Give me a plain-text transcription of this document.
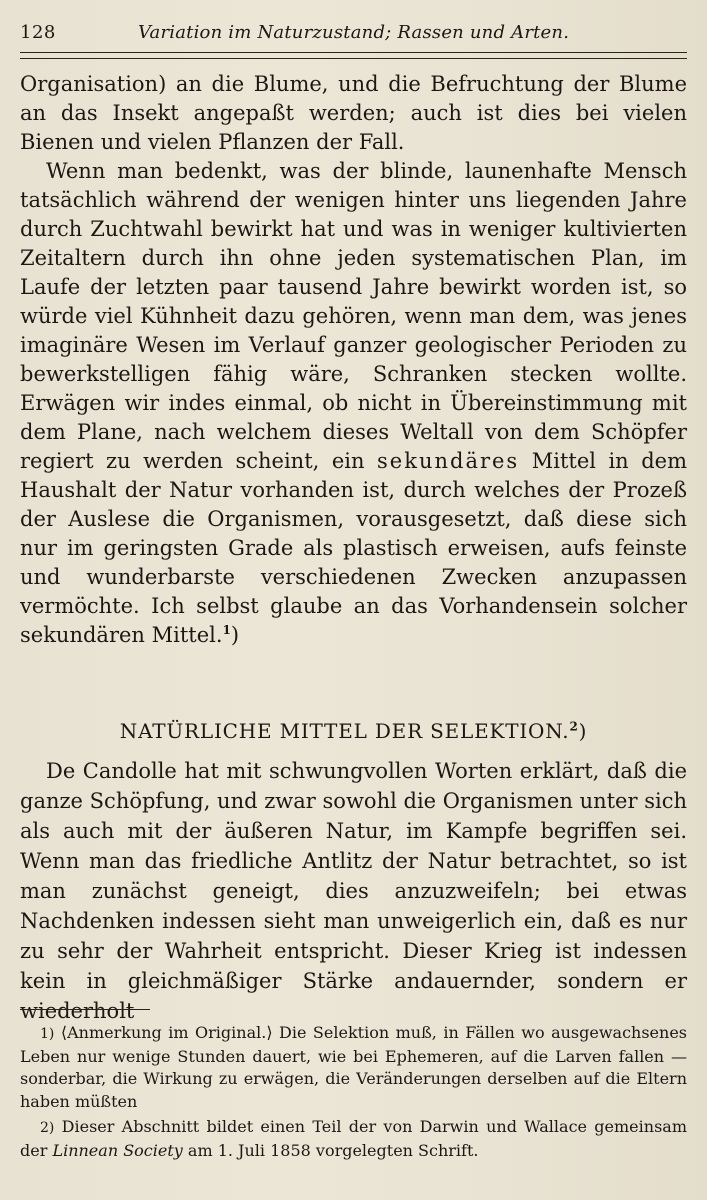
128	Variation im Naturzustand; Rassen und Arten.

Organisation) an die Blume, und die Befruchtung der Blume an das Insekt angepaßt werden; auch ist dies bei vielen Bienen und vielen Pflanzen der Fall.

Wenn man bedenkt, was der blinde, launenhafte Mensch tatsächlich während der wenigen hinter uns liegenden Jahre durch Zuchtwahl bewirkt hat und was in weniger kultivierten Zeitaltern durch ihn ohne jeden systematischen Plan, im Laufe der letzten paar tausend Jahre bewirkt worden ist, so würde viel Kühnheit dazu gehören, wenn man dem, was jenes imaginäre Wesen im Verlauf ganzer geologischer Perioden zu bewerkstelligen fähig wäre, Schranken stecken wollte. Erwägen wir indes einmal, ob nicht in Übereinstimmung mit dem Plane, nach welchem dieses Weltall von dem Schöpfer regiert zu werden scheint, ein sekundäres Mittel in dem Haushalt der Natur vorhanden ist, durch welches der Prozeß der Auslese die Organismen, vorausgesetzt, daß diese sich nur im geringsten Grade als plastisch erweisen, aufs feinste und wunderbarste verschiedenen Zwecken anzupassen vermöchte. Ich selbst glaube an das Vorhandensein solcher sekundären Mittel.$^1$)

NATÜRLICHE MITTEL DER SELEKTION.$^2$)

De Candolle hat mit schwungvollen Worten erklärt, daß die ganze Schöpfung, und zwar sowohl die Organismen unter sich als auch mit der äußeren Natur, im Kampfe begriffen sei. Wenn man das friedliche Antlitz der Natur betrachtet, so ist man zunächst geneigt, dies anzuzweifeln; bei etwas Nachdenken indessen sieht man unweigerlich ein, daß es nur zu sehr der Wahrheit entspricht. Dieser Krieg ist indessen kein in gleichmäßiger Stärke andauernder, sondern er wiederholt

1) ⟨Anmerkung im Original.⟩ Die Selektion muß, in Fällen wo ausgewachsenes Leben nur wenige Stunden dauert, wie bei Ephemeren, auf die Larven fallen — sonderbar, die Wirkung zu erwägen, die Veränderungen derselben auf die Eltern haben müßten

2) Dieser Abschnitt bildet einen Teil der von Darwin und Wallace gemeinsam der Linnean Society am 1. Juli 1858 vorgelegten Schrift.
